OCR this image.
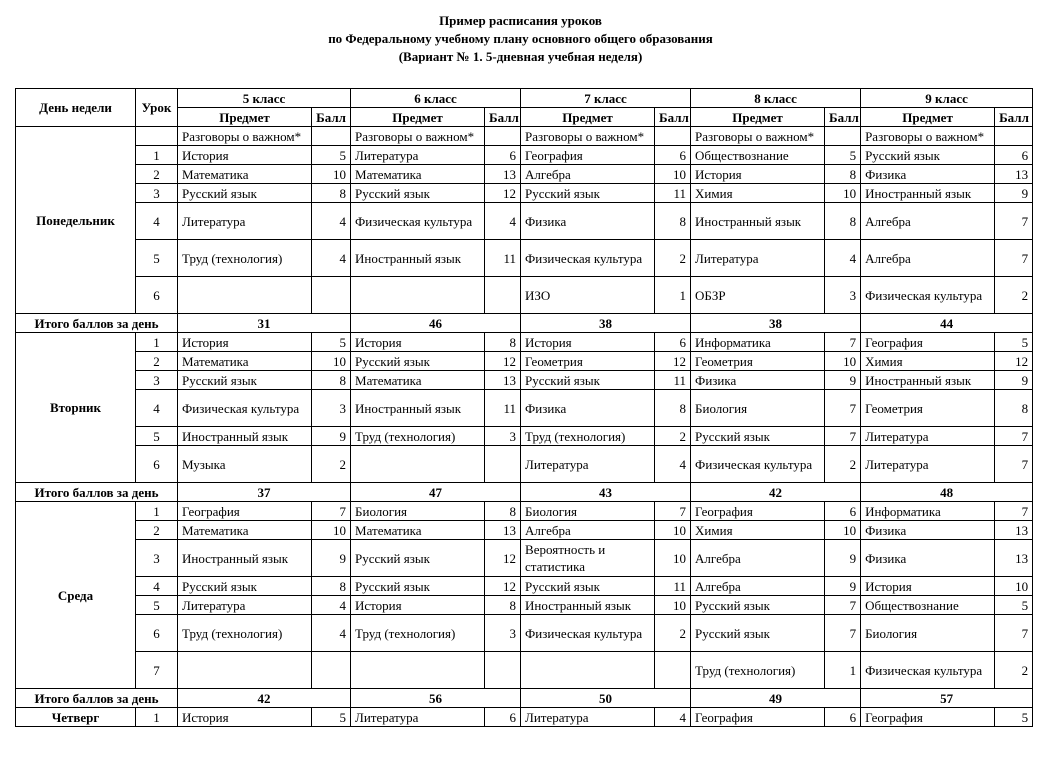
Пример расписания уроков
по Федеральному учебному плану основного общего образования
(Вариант № 1. 5-дневная учебная неделя)
День недели	Урок	5 класс		6 класс		7 класс		8 класс		9 класс	
		Предмет	Балл	Предмет	Балл	Предмет	Балл	Предмет	Балл	Предмет	Балл
Понедельник		Разговоры о важном*		Разговоры о важном*		Разговоры о важном*		Разговоры о важном*		Разговоры о важном*	
	1	История	5	Литература	6	География	6	Обществознание	5	Русский язык	6
	2	Математика	10	Математика	13	Алгебра	10	История	8	Физика	13
	3	Русский язык	8	Русский язык	12	Русский язык	11	Химия	10	Иностранный язык	9
	4	Литература	4	Физическая культура	4	Физика	8	Иностранный язык	8	Алгебра	7
	5	Труд (технология)	4	Иностранный язык	11	Физическая культура	2	Литература	4	Алгебра	7
	6					ИЗО	1	ОБЗР	3	Физическая культура	2
Итого баллов за день		31		46		38		38		44	
Вторник	1	История	5	История	8	История	6	Информатика	7	География	5
	2	Математика	10	Русский язык	12	Геометрия	12	Геометрия	10	Химия	12
	3	Русский язык	8	Математика	13	Русский язык	11	Физика	9	Иностранный язык	9
	4	Физическая культура	3	Иностранный язык	11	Физика	8	Биология	7	Геометрия	8
	5	Иностранный язык	9	Труд (технология)	3	Труд (технология)	2	Русский язык	7	Литература	7
	6	Музыка	2			Литература	4	Физическая культура	2	Литература	7
Итого баллов за день		37		47		43		42		48	
Среда	1	География	7	Биология	8	Биология	7	География	6	Информатика	7
	2	Математика	10	Математика	13	Алгебра	10	Химия	10	Физика	13
	3	Иностранный язык	9	Русский язык	12	Вероятность и статистика	10	Алгебра	9	Физика	13
	4	Русский язык	8	Русский язык	12	Русский язык	11	Алгебра	9	История	10
	5	Литература	4	История	8	Иностранный язык	10	Русский язык	7	Обществознание	5
	6	Труд (технология)	4	Труд (технология)	3	Физическая культура	2	Русский язык	7	Биология	7
	7							Труд (технология)	1	Физическая культура	2
Итого баллов за день		42		56		50		49		57	
Четверг	1	История	5	Литература	6	Литература	4	География	6	География	5
